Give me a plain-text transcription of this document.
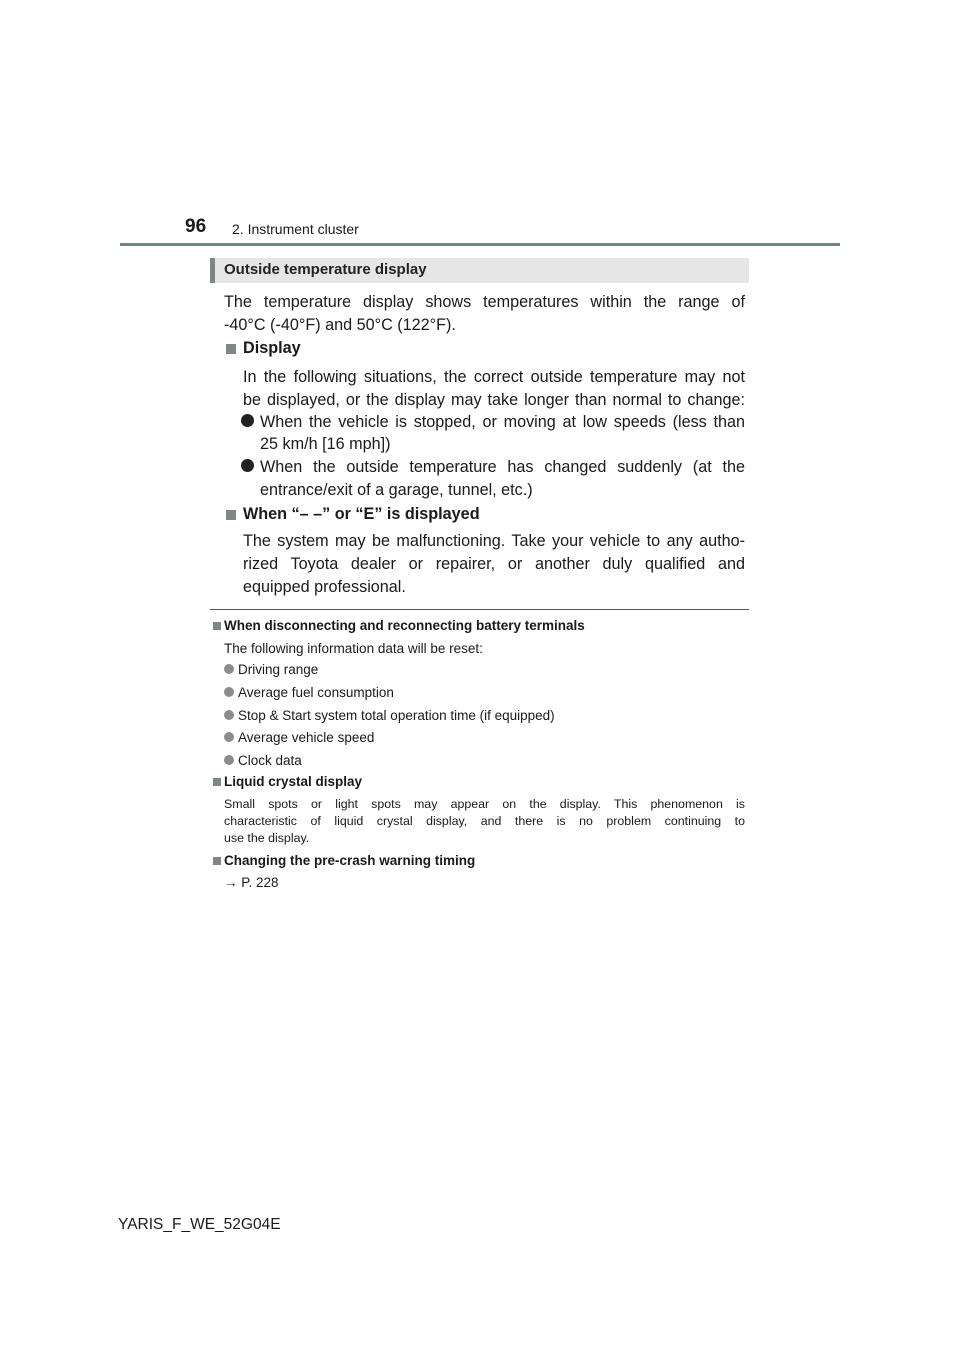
96 2. Instrument cluster
Outside temperature display
The temperature display shows temperatures within the range of
-40°C (-40°F) and 50°C (122°F).
Display
In the following situations, the correct outside temperature may not
be displayed, or the display may take longer than normal to change:
When the vehicle is stopped, or moving at low speeds (less than
25 km/h [16 mph])
When the outside temperature has changed suddenly (at the
entrance/exit of a garage, tunnel, etc.)
When “– –” or “E” is displayed
The system may be malfunctioning. Take your vehicle to any autho-
rized Toyota dealer or repairer, or another duly qualified and
equipped professional.
When disconnecting and reconnecting battery terminals
The following information data will be reset:
Driving range
Average fuel consumption
Stop & Start system total operation time (if equipped)
Average vehicle speed
Clock data
Liquid crystal display
Small spots or light spots may appear on the display. This phenomenon is
characteristic of liquid crystal display, and there is no problem continuing to
use the display.
Changing the pre-crash warning timing
→ P. 228
YARIS_F_WE_52G04E
